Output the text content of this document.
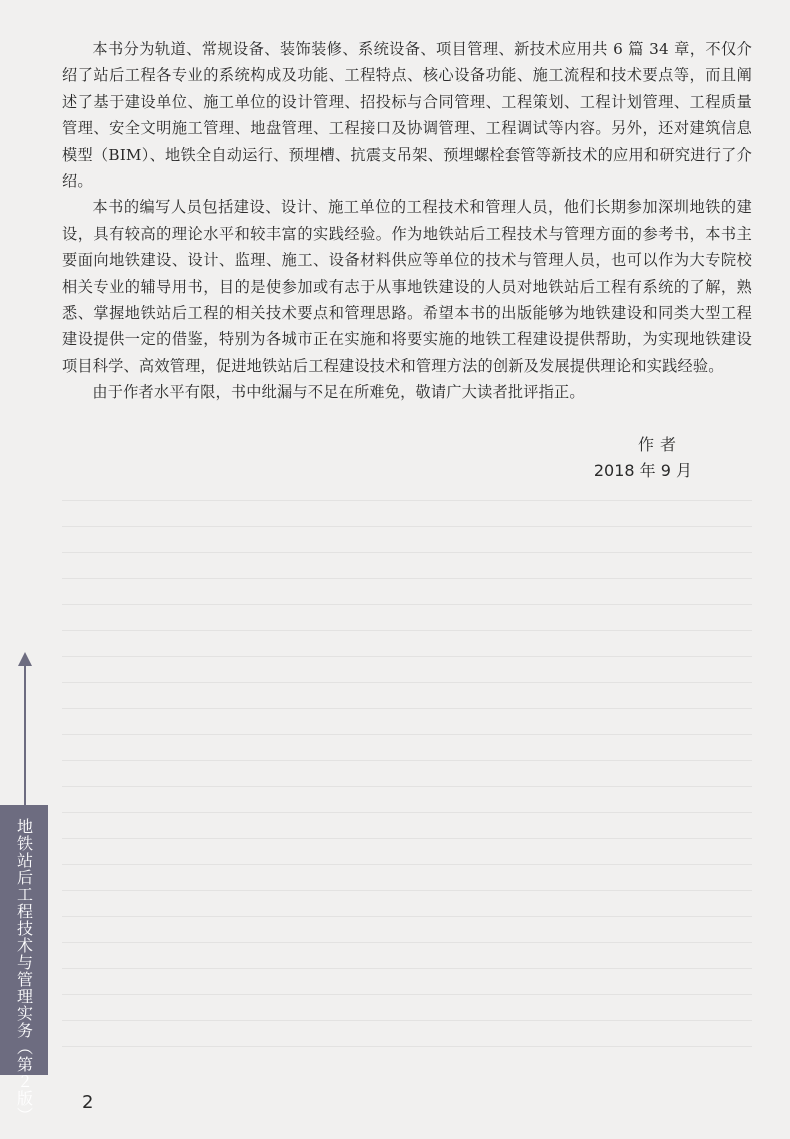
本书分为轨道、常规设备、装饰装修、系统设备、项目管理、新技术应用共 6 篇 34 章，不仅介绍了站后工程各专业的系统构成及功能、工程特点、核心设备功能、施工流程和技术要点等，而且阐述了基于建设单位、施工单位的设计管理、招投标与合同管理、工程策划、工程计划管理、工程质量管理、安全文明施工管理、地盘管理、工程接口及协调管理、工程调试等内容。另外，还对建筑信息模型（BIM）、地铁全自动运行、预埋槽、抗震支吊架、预埋螺栓套管等新技术的应用和研究进行了介绍。

本书的编写人员包括建设、设计、施工单位的工程技术和管理人员，他们长期参加深圳地铁的建设，具有较高的理论水平和较丰富的实践经验。作为地铁站后工程技术与管理方面的参考书，本书主要面向地铁建设、设计、监理、施工、设备材料供应等单位的技术与管理人员，也可以作为大专院校相关专业的辅导用书，目的是使参加或有志于从事地铁建设的人员对地铁站后工程有系统的了解，熟悉、掌握地铁站后工程的相关技术要点和管理思路。希望本书的出版能够为地铁建设和同类大型工程建设提供一定的借鉴，特别为各城市正在实施和将要实施的地铁工程建设提供帮助，为实现地铁建设项目科学、高效管理，促进地铁站后工程建设技术和管理方法的创新及发展提供理论和实践经验。

由于作者水平有限，书中纰漏与不足在所难免，敬请广大读者批评指正。

作者
2018 年 9 月
地铁站后工程技术与管理实务（第２版）	2
